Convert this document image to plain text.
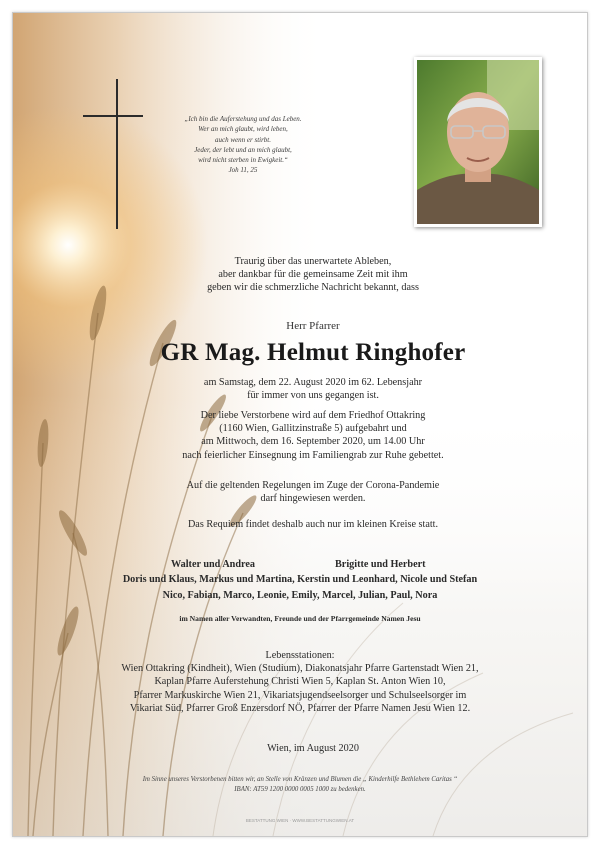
„Ich bin die Auferstehung und das Leben.
Wer an mich glaubt, wird leben,
auch wenn er stirbt.
Jeder, der lebt und an mich glaubt,
wird nicht sterben in Ewigkeit.“
Joh 11, 25
Traurig über das unerwartete Ableben,
aber dankbar für die gemeinsame Zeit mit ihm
geben wir die schmerzliche Nachricht bekannt, dass
Herr Pfarrer
GR Mag. Helmut Ringhofer
am Samstag, dem 22. August 2020 im 62. Lebensjahr
für immer von uns gegangen ist.
Der liebe Verstorbene wird auf dem Friedhof Ottakring
(1160 Wien, Gallitzinstraße 5) aufgebahrt und
am Mittwoch, dem 16. September 2020, um 14.00 Uhr
nach feierlicher Einsegnung im Familiengrab zur Ruhe gebettet.
Auf die geltenden Regelungen im Zuge der Corona-Pandemie
darf hingewiesen werden.
Das Requiem findet deshalb auch nur im kleinen Kreise statt.
Walter und Andrea	Brigitte und Herbert
Doris und Klaus, Markus und Martina, Kerstin und Leonhard, Nicole und Stefan
Nico, Fabian, Marco, Leonie, Emily, Marcel, Julian, Paul, Nora
im Namen aller Verwandten, Freunde und der Pfarrgemeinde Namen Jesu
Lebensstationen:
Wien Ottakring (Kindheit), Wien (Studium), Diakonatsjahr Pfarre Gartenstadt Wien 21,
Kaplan Pfarre Auferstehung Christi Wien 5, Kaplan St. Anton Wien 10,
Pfarrer Markuskirche Wien 21, Vikariatsjugendseelsorger und Schulseelsorger im
Vikariat Süd, Pfarrer Groß Enzersdorf NÖ, Pfarrer der Pfarre Namen Jesu Wien 12.
Wien, im August 2020
Im Sinne unseres Verstorbenen bitten wir, an Stelle von Kränzen und Blumen die „ Kinderhilfe Bethlehem Caritas “
IBAN: AT59 1200 0000 0005 1000 zu bedenken.
BESTATTUNG WIEN · WWW.BESTATTUNGWIEN.AT
